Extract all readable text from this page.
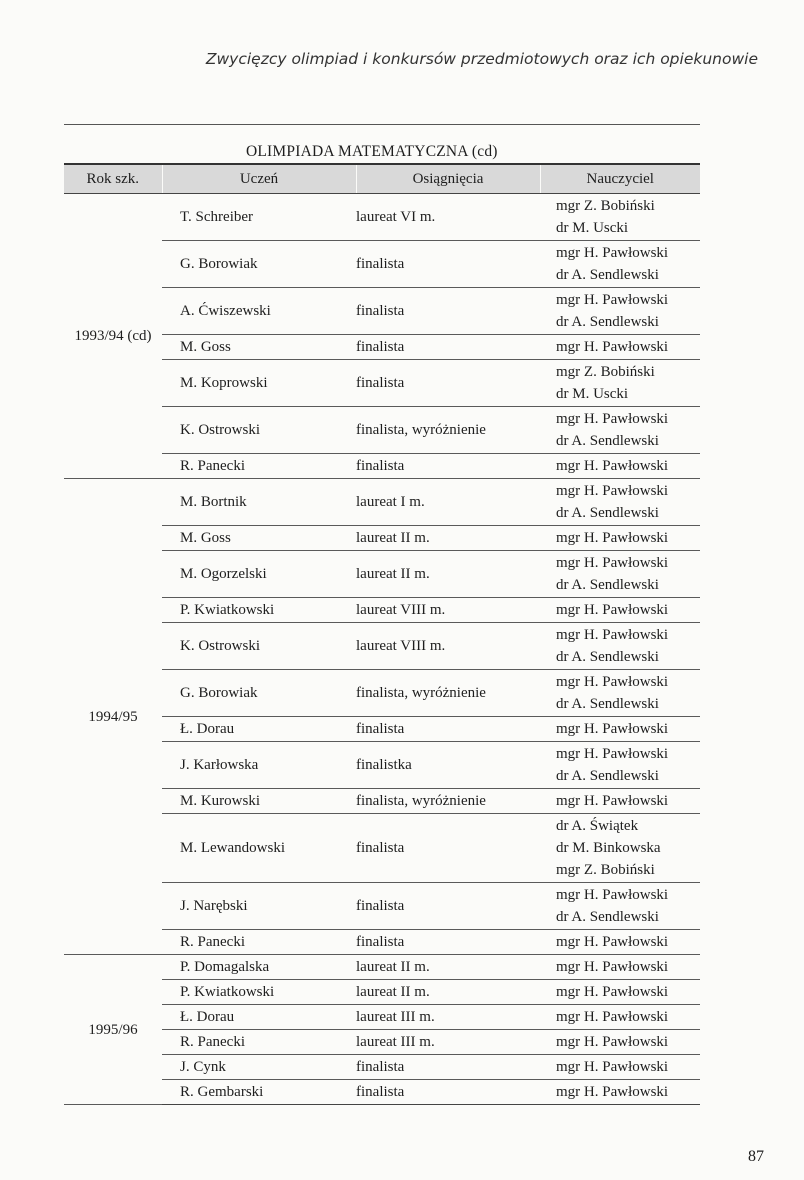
Zwycięzcy olimpiad i konkursów przedmiotowych oraz ich opiekunowie
OLIMPIADA MATEMATYCZNA (cd)
Rok szk.	Uczeń	Osiągnięcia	Nauczyciel
1993/94 (cd)	T. Schreiber	laureat VI m.	mgr Z. Bobiński
dr M. Uscki

	G. Borowiak	finalista	mgr H. Pawłowski
dr A. Sendlewski

	A. Ćwiszewski	finalista	mgr H. Pawłowski
dr A. Sendlewski

	M. Goss	finalista	mgr H. Pawłowski

	M. Koprowski	finalista	mgr Z. Bobiński
dr M. Uscki

	K. Ostrowski	finalista, wyróżnienie	mgr H. Pawłowski
dr A. Sendlewski

	R. Panecki	finalista	mgr H. Pawłowski

1994/95	M. Bortnik	laureat I m.	mgr H. Pawłowski
dr A. Sendlewski

	M. Goss	laureat II m.	mgr H. Pawłowski

	M. Ogorzelski	laureat II m.	mgr H. Pawłowski
dr A. Sendlewski

	P. Kwiatkowski	laureat VIII m.	mgr H. Pawłowski

	K. Ostrowski	laureat VIII m.	mgr H. Pawłowski
dr A. Sendlewski

	G. Borowiak	finalista, wyróżnienie	mgr H. Pawłowski
dr A. Sendlewski

	Ł. Dorau	finalista	mgr H. Pawłowski

	J. Karłowska	finalistka	mgr H. Pawłowski
dr A. Sendlewski

	M. Kurowski	finalista, wyróżnienie	mgr H. Pawłowski

	M. Lewandowski	finalista	dr A. Świątek
dr M. Binkowska
mgr Z. Bobiński

	J. Narębski	finalista	mgr H. Pawłowski
dr A. Sendlewski

	R. Panecki	finalista	mgr H. Pawłowski

1995/96	P. Domagalska	laureat II m.	mgr H. Pawłowski

	P. Kwiatkowski	laureat II m.	mgr H. Pawłowski

	Ł. Dorau	laureat III m.	mgr H. Pawłowski

	R. Panecki	laureat III m.	mgr H. Pawłowski

	J. Cynk	finalista	mgr H. Pawłowski

	R. Gembarski	finalista	mgr H. Pawłowski
87
